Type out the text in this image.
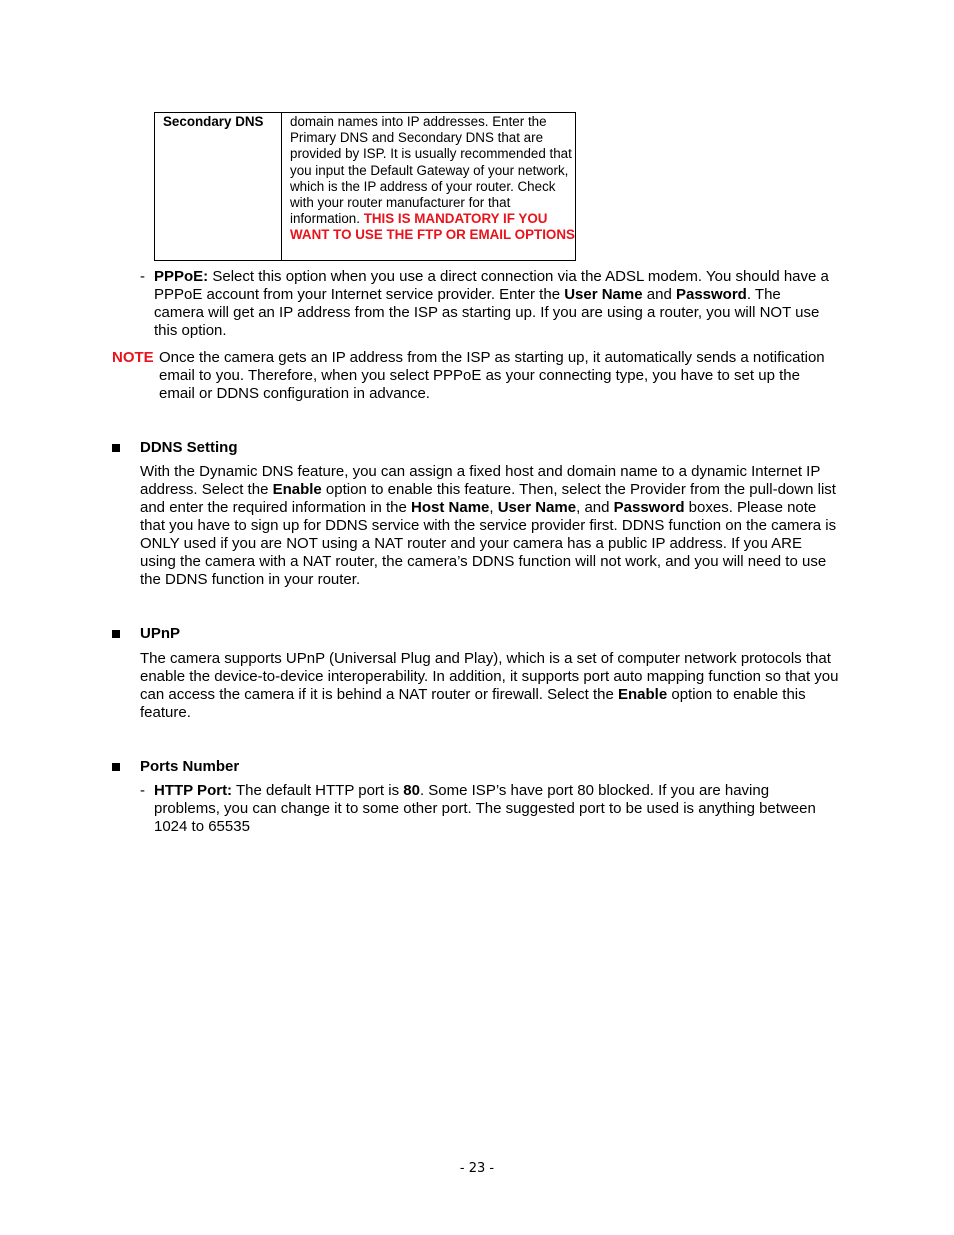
Secondary DNS domain names into IP addresses. Enter the Primary DNS and Secondary DNS that are provided by ISP. It is usually recommended that you input the Default Gateway of your network, which is the IP address of your router. Check with your router manufacturer for that information. THIS IS MANDATORY IF YOU WANT TO USE THE FTP OR EMAIL OPTIONS
- PPPoE: Select this option when you use a direct connection via the ADSL modem. You should have a PPPoE account from your Internet service provider. Enter the User Name and Password. The camera will get an IP address from the ISP as starting up. If you are using a router, you will NOT use this option.
NOTE Once the camera gets an IP address from the ISP as starting up, it automatically sends a notification email to you. Therefore, when you select PPPoE as your connecting type, you have to set up the email or DDNS configuration in advance.
DDNS Setting
With the Dynamic DNS feature, you can assign a fixed host and domain name to a dynamic Internet IP address. Select the Enable option to enable this feature. Then, select the Provider from the pull-down list and enter the required information in the Host Name, User Name, and Password boxes. Please note that you have to sign up for DDNS service with the service provider first. DDNS function on the camera is ONLY used if you are NOT using a NAT router and your camera has a public IP address. If you ARE using the camera with a NAT router, the camera’s DDNS function will not work, and you will need to use the DDNS function in your router.
UPnP
The camera supports UPnP (Universal Plug and Play), which is a set of computer network protocols that enable the device-to-device interoperability. In addition, it supports port auto mapping function so that you can access the camera if it is behind a NAT router or firewall. Select the Enable option to enable this feature.
Ports Number
- HTTP Port: The default HTTP port is 80. Some ISP’s have port 80 blocked. If you are having problems, you can change it to some other port. The suggested port to be used is anything between 1024 to 65535
- 23 -
